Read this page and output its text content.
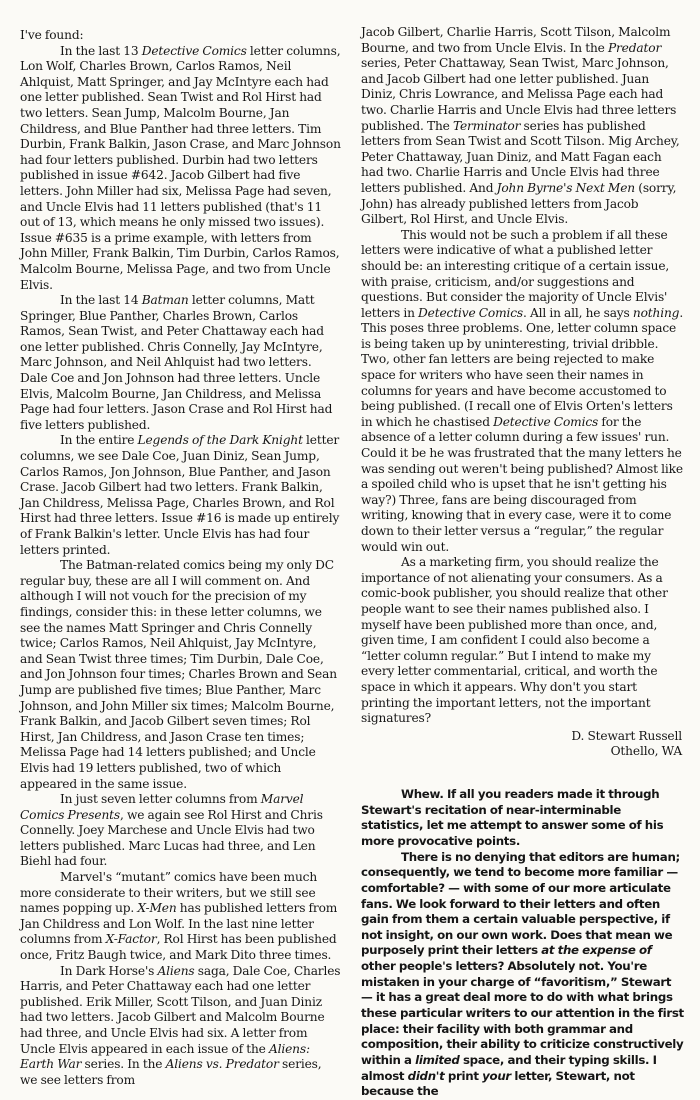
I've found:

In the last 13 Detective Comics letter columns, Lon Wolf, Charles Brown, Carlos Ramos, Neil Ahlquist, Matt Springer, and Jay McIntyre each had one letter published. Sean Twist and Rol Hirst had two letters. Sean Jump, Malcolm Bourne, Jan Childress, and Blue Panther had three letters. Tim Durbin, Frank Balkin, Jason Crase, and Marc Johnson had four letters published. Durbin had two letters published in issue #642. Jacob Gilbert had five letters. John Miller had six, Melissa Page had seven, and Uncle Elvis had 11 letters published (that's 11 out of 13, which means he only missed two issues). Issue #635 is a prime example, with letters from John Miller, Frank Balkin, Tim Durbin, Carlos Ramos, Malcolm Bourne, Melissa Page, and two from Uncle Elvis.

In the last 14 Batman letter columns, Matt Springer, Blue Panther, Charles Brown, Carlos Ramos, Sean Twist, and Peter Chattaway each had one letter published. Chris Connelly, Jay McIntyre, Marc Johnson, and Neil Ahlquist had two letters. Dale Coe and Jon Johnson had three letters. Uncle Elvis, Malcolm Bourne, Jan Childress, and Melissa Page had four letters. Jason Crase and Rol Hirst had five letters published.

In the entire Legends of the Dark Knight letter columns, we see Dale Coe, Juan Diniz, Sean Jump, Carlos Ramos, Jon Johnson, Blue Panther, and Jason Crase. Jacob Gilbert had two letters. Frank Balkin, Jan Childress, Melissa Page, Charles Brown, and Rol Hirst had three letters. Issue #16 is made up entirely of Frank Balkin's letter. Uncle Elvis has had four letters printed.

The Batman-related comics being my only DC regular buy, these are all I will comment on. And although I will not vouch for the precision of my findings, consider this: in these letter columns, we see the names Matt Springer and Chris Connelly twice; Carlos Ramos, Neil Ahlquist, Jay McIntyre, and Sean Twist three times; Tim Durbin, Dale Coe, and Jon Johnson four times; Charles Brown and Sean Jump are published five times; Blue Panther, Marc Johnson, and John Miller six times; Malcolm Bourne, Frank Balkin, and Jacob Gilbert seven times; Rol Hirst, Jan Childress, and Jason Crase ten times; Melissa Page had 14 letters published; and Uncle Elvis had 19 letters published, two of which appeared in the same issue.

In just seven letter columns from Marvel Comics Presents, we again see Rol Hirst and Chris Connelly. Joey Marchese and Uncle Elvis had two letters published. Marc Lucas had three, and Len Biehl had four.

Marvel's “mutant” comics have been much more considerate to their writers, but we still see names popping up. X-Men has published letters from Jan Childress and Lon Wolf. In the last nine letter columns from X-Factor, Rol Hirst has been published once, Fritz Baugh twice, and Mark Dito three times.

In Dark Horse's Aliens saga, Dale Coe, Charles Harris, and Peter Chattaway each had one letter published. Erik Miller, Scott Tilson, and Juan Diniz had two letters. Jacob Gilbert and Malcolm Bourne had three, and Uncle Elvis had six. A letter from Uncle Elvis appeared in each issue of the Aliens: Earth War series. In the Aliens vs. Predator series, we see letters from

Jacob Gilbert, Charlie Harris, Scott Tilson, Malcolm Bourne, and two from Uncle Elvis. In the Predator series, Peter Chattaway, Sean Twist, Marc Johnson, and Jacob Gilbert had one letter published. Juan Diniz, Chris Lowrance, and Melissa Page each had two. Charlie Harris and Uncle Elvis had three letters published. The Terminator series has published letters from Sean Twist and Scott Tilson. Mig Archey, Peter Chattaway, Juan Diniz, and Matt Fagan each had two. Charlie Harris and Uncle Elvis had three letters published. And John Byrne's Next Men (sorry, John) has already published letters from Jacob Gilbert, Rol Hirst, and Uncle Elvis.

This would not be such a problem if all these letters were indicative of what a published letter should be: an interesting critique of a certain issue, with praise, criticism, and/or suggestions and questions. But consider the majority of Uncle Elvis' letters in Detective Comics. All in all, he says nothing. This poses three problems. One, letter column space is being taken up by uninteresting, trivial dribble. Two, other fan letters are being rejected to make space for writers who have seen their names in columns for years and have become accustomed to being published. (I recall one of Elvis Orten's letters in which he chastised Detective Comics for the absence of a letter column during a few issues' run. Could it be he was frustrated that the many letters he was sending out weren't being published? Almost like a spoiled child who is upset that he isn't getting his way?) Three, fans are being discouraged from writing, knowing that in every case, were it to come down to their letter versus a “regular,” the regular would win out.

As a marketing firm, you should realize the importance of not alienating your consumers. As a comic-book publisher, you should realize that other people want to see their names published also. I myself have been published more than once, and, given time, I am confident I could also become a “letter column regular.” But I intend to make my every letter commentarial, critical, and worth the space in which it appears. Why don't you start printing the important letters, not the important signatures?

D. Stewart Russell
Othello, WA

Whew. If all you readers made it through Stewart's recitation of near-interminable statistics, let me attempt to answer some of his more provocative points.

There is no denying that editors are human; consequently, we tend to become more familiar — comfortable? — with some of our more articulate fans. We look forward to their letters and often gain from them a certain valuable perspective, if not insight, on our own work. Does that mean we purposely print their letters at the expense of other people's letters? Absolutely not. You're mistaken in your charge of “favoritism,” Stewart — it has a great deal more to do with what brings these particular writers to our attention in the first place: their facility with both grammar and composition, their ability to criticize constructively within a limited space, and their typing skills. I almost didn't print your letter, Stewart, not because the
